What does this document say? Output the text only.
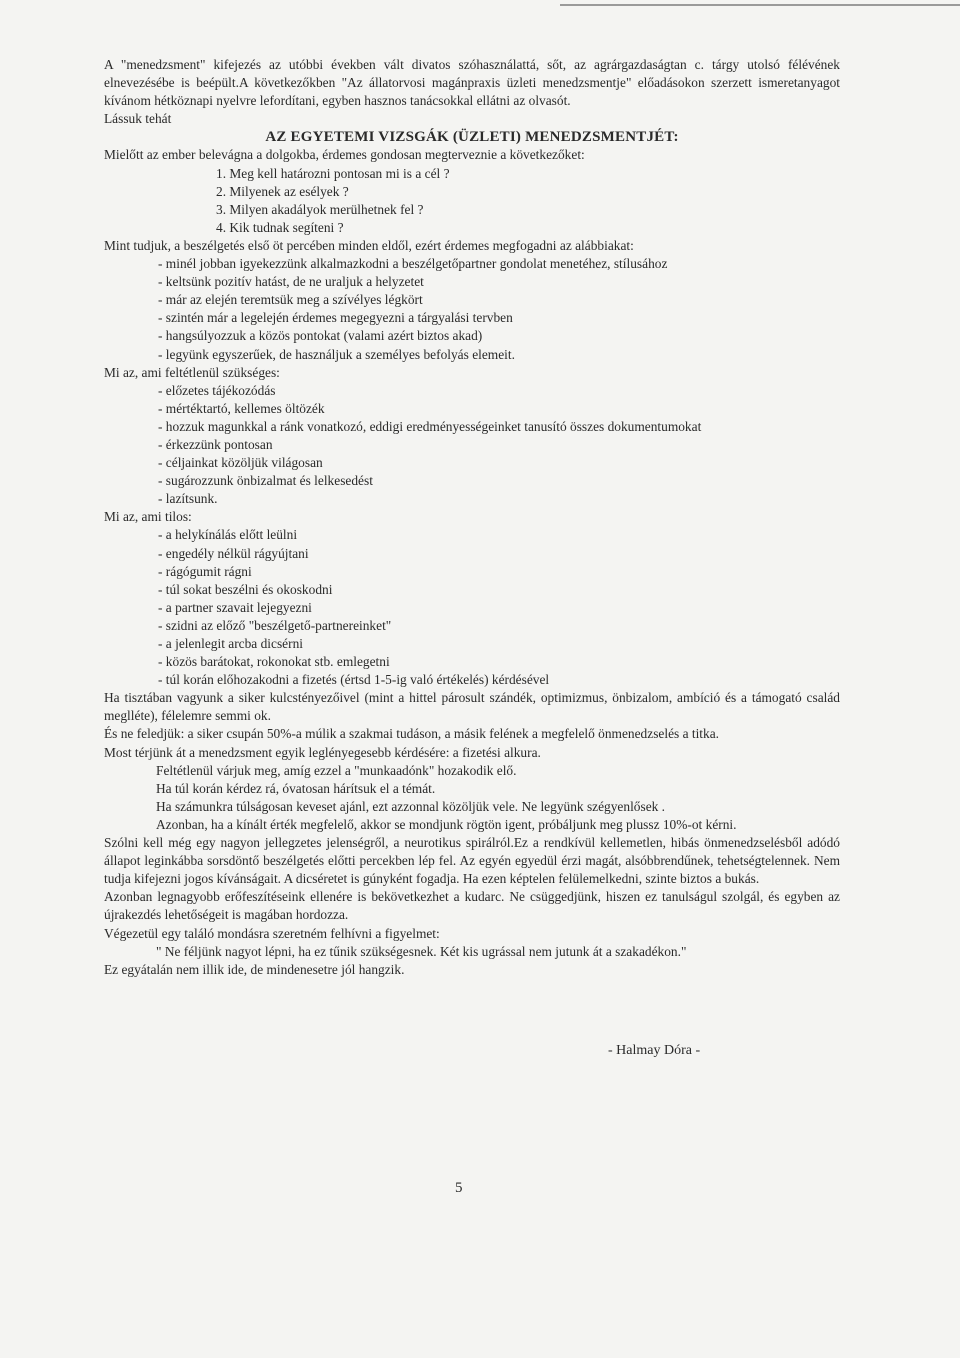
A "menedzsment" kifejezés az utóbbi években vált divatos szóhasználattá, sőt, az agrárgazdaságtan c. tárgy utolsó félévének elnevezésébe is beépült.A következőkben "Az állatorvosi magánpraxis üzleti menedzsmentje" előadásokon szerzett ismeretanyagot kívánom hétköznapi nyelvre lefordítani, egyben hasznos tanácsokkal ellátni az olvasót.

Lássuk tehát

AZ EGYETEMI VIZSGÁK (ÜZLETI) MENEDZSMENTJÉT:

Mielőtt az ember belevágna a dolgokba, érdemes gondosan megterveznie a következőket:

1. Meg kell határozni pontosan mi is a cél ?

2. Milyenek az esélyek ?

3. Milyen akadályok merülhetnek fel ?

4. Kik tudnak segíteni ?

Mint tudjuk, a beszélgetés első öt percében minden eldől, ezért érdemes megfogadni az alábbiakat:

- minél jobban igyekezzünk alkalmazkodni a beszélgetőpartner gondolat menetéhez, stílusához

- keltsünk pozitív hatást, de ne uraljuk a helyzetet

- már az elején teremtsük meg a szívélyes légkört

- szintén már a legelején érdemes megegyezni a tárgyalási tervben

- hangsúlyozzuk a közös pontokat (valami azért biztos akad)

- legyünk egyszerűek, de használjuk a személyes befolyás elemeit.

Mi az, ami feltétlenül szükséges:

- előzetes tájékozódás

- mértéktartó, kellemes öltözék

- hozzuk magunkkal a ránk vonatkozó, eddigi eredményességeinket tanusító összes dokumentumokat

- érkezzünk pontosan

- céljainkat közöljük világosan

- sugározzunk önbizalmat és lelkesedést

- lazítsunk.

Mi az, ami tilos:

- a helykínálás előtt leülni

- engedély nélkül rágyújtani

- rágógumit rágni

- túl sokat beszélni és okoskodni

- a partner szavait lejegyezni

- szidni az előző "beszélgető-partnereinket"

- a jelenlegit arcba dicsérni

- közös barátokat, rokonokat stb. emlegetni

- túl korán előhozakodni a fizetés (értsd 1-5-ig való értékelés) kérdésével

Ha tisztában vagyunk a siker kulcstényezőivel (mint a hittel párosult szándék, optimizmus, önbizalom, ambíció és a támogató család meglléte), félelemre semmi ok.

És ne feledjük: a siker csupán 50%-a múlik a szakmai tudáson, a másik felének a megfelelő önmenedzselés a titka.

Most térjünk át a menedzsment egyik leglényegesebb kérdésére: a fizetési alkura.

Feltétlenül várjuk meg, amíg ezzel a "munkaadónk" hozakodik elő.

Ha túl korán kérdez rá, óvatosan hárítsuk el a témát.

Ha számunkra túlságosan keveset ajánl, ezt azzonnal közöljük vele. Ne legyünk szégyenlősek .

Azonban, ha a kínált érték megfelelő, akkor se mondjunk rögtön igent, próbáljunk meg plussz 10%-ot kérni.

Szólni kell még egy nagyon jellegzetes jelenségről, a neurotikus spirálról.Ez a rendkívül kellemetlen, hibás önmenedzselésből adódó állapot leginkábba sorsdöntő beszélgetés előtti percekben lép fel. Az egyén egyedül érzi magát, alsóbbrendűnek, tehetségtelennek. Nem tudja kifejezni jogos kívánságait. A dicséretet is gúnyként fogadja. Ha ezen képtelen felülemelkedni, szinte biztos a bukás.

Azonban legnagyobb erőfeszítéseink ellenére is bekövetkezhet a kudarc. Ne csüggedjünk, hiszen ez tanulságul szolgál, és egyben az újrakezdés lehetőségeit is magában hordozza.

Végezetül egy találó mondásra szeretném felhívni a figyelmet:

" Ne féljünk nagyot lépni, ha ez tűnik szükségesnek. Két kis ugrással nem jutunk át a szakadékon."

Ez egyátalán nem illik ide, de mindenesetre jól hangzik.

- Halmay Dóra -
5
